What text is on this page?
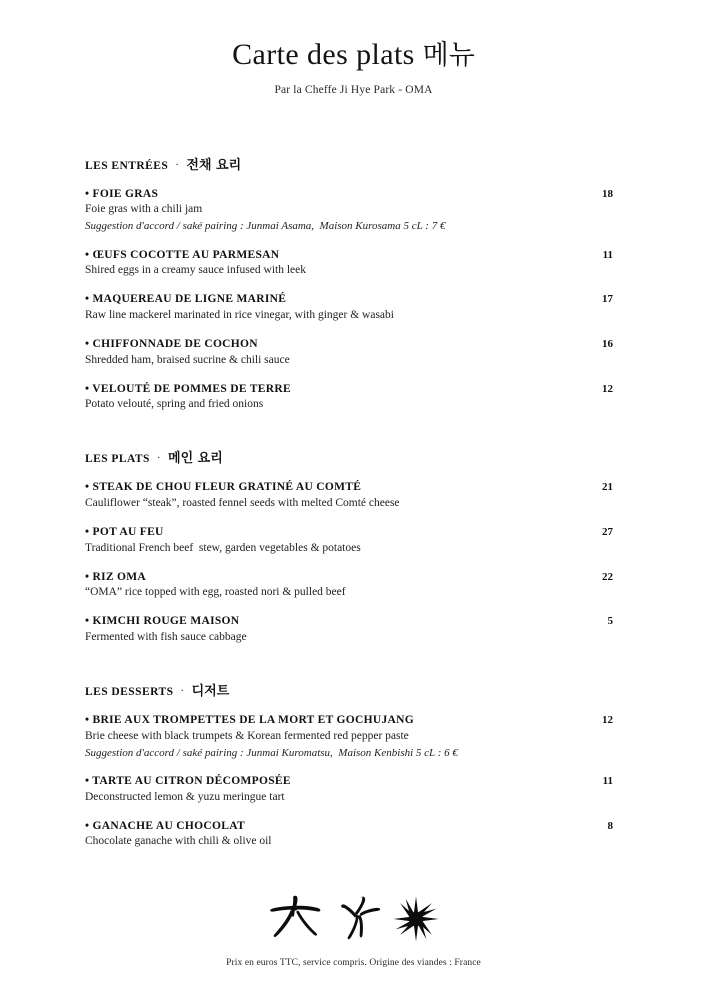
Carte des plats 메뉴
Par la Cheffe Ji Hye Park - OMA
LES ENTRÉES  ·  전채 요리
• FOIE GRAS	18
Foie gras with a chili jam
Suggestion d'accord / saké pairing : Junmai Asama,  Maison Kurosama 5 cL : 7 €
• ŒUFS COCOTTE AU PARMESAN	11
Shired eggs in a creamy sauce infused with leek
• MAQUEREAU DE LIGNE MARINÉ	17
Raw line mackerel marinated in rice vinegar, with ginger & wasabi
• CHIFFONNADE DE COCHON	16
Shredded ham, braised sucrine & chili sauce
• VELOUTÉ DE POMMES DE TERRE	12
Potato velouté, spring and fried onions
LES PLATS  ·  메인 요리
• STEAK DE CHOU FLEUR GRATINÉ AU COMTÉ	21
Cauliflower “steak”, roasted fennel seeds with melted Comté cheese
• POT AU FEU	27
Traditional French beef  stew, garden vegetables & potatoes
• RIZ OMA	22
“OMA” rice topped with egg, roasted nori & pulled beef
• KIMCHI ROUGE MAISON	5
Fermented with fish sauce cabbage
LES DESSERTS  ·  디저트
• BRIE AUX TROMPETTES DE LA MORT ET GOCHUJANG	12
Brie cheese with black trumpets & Korean fermented red pepper paste
Suggestion d'accord / saké pairing : Junmai Kuromatsu,  Maison Kenbishi 5 cL : 6 €
• TARTE AU CITRON DÉCOMPOSÉE	11
Deconstructed lemon & yuzu meringue tart
• GANACHE AU CHOCOLAT	8
Chocolate ganache with chili & olive oil
Prix en euros TTC, service compris. Origine des viandes : France
